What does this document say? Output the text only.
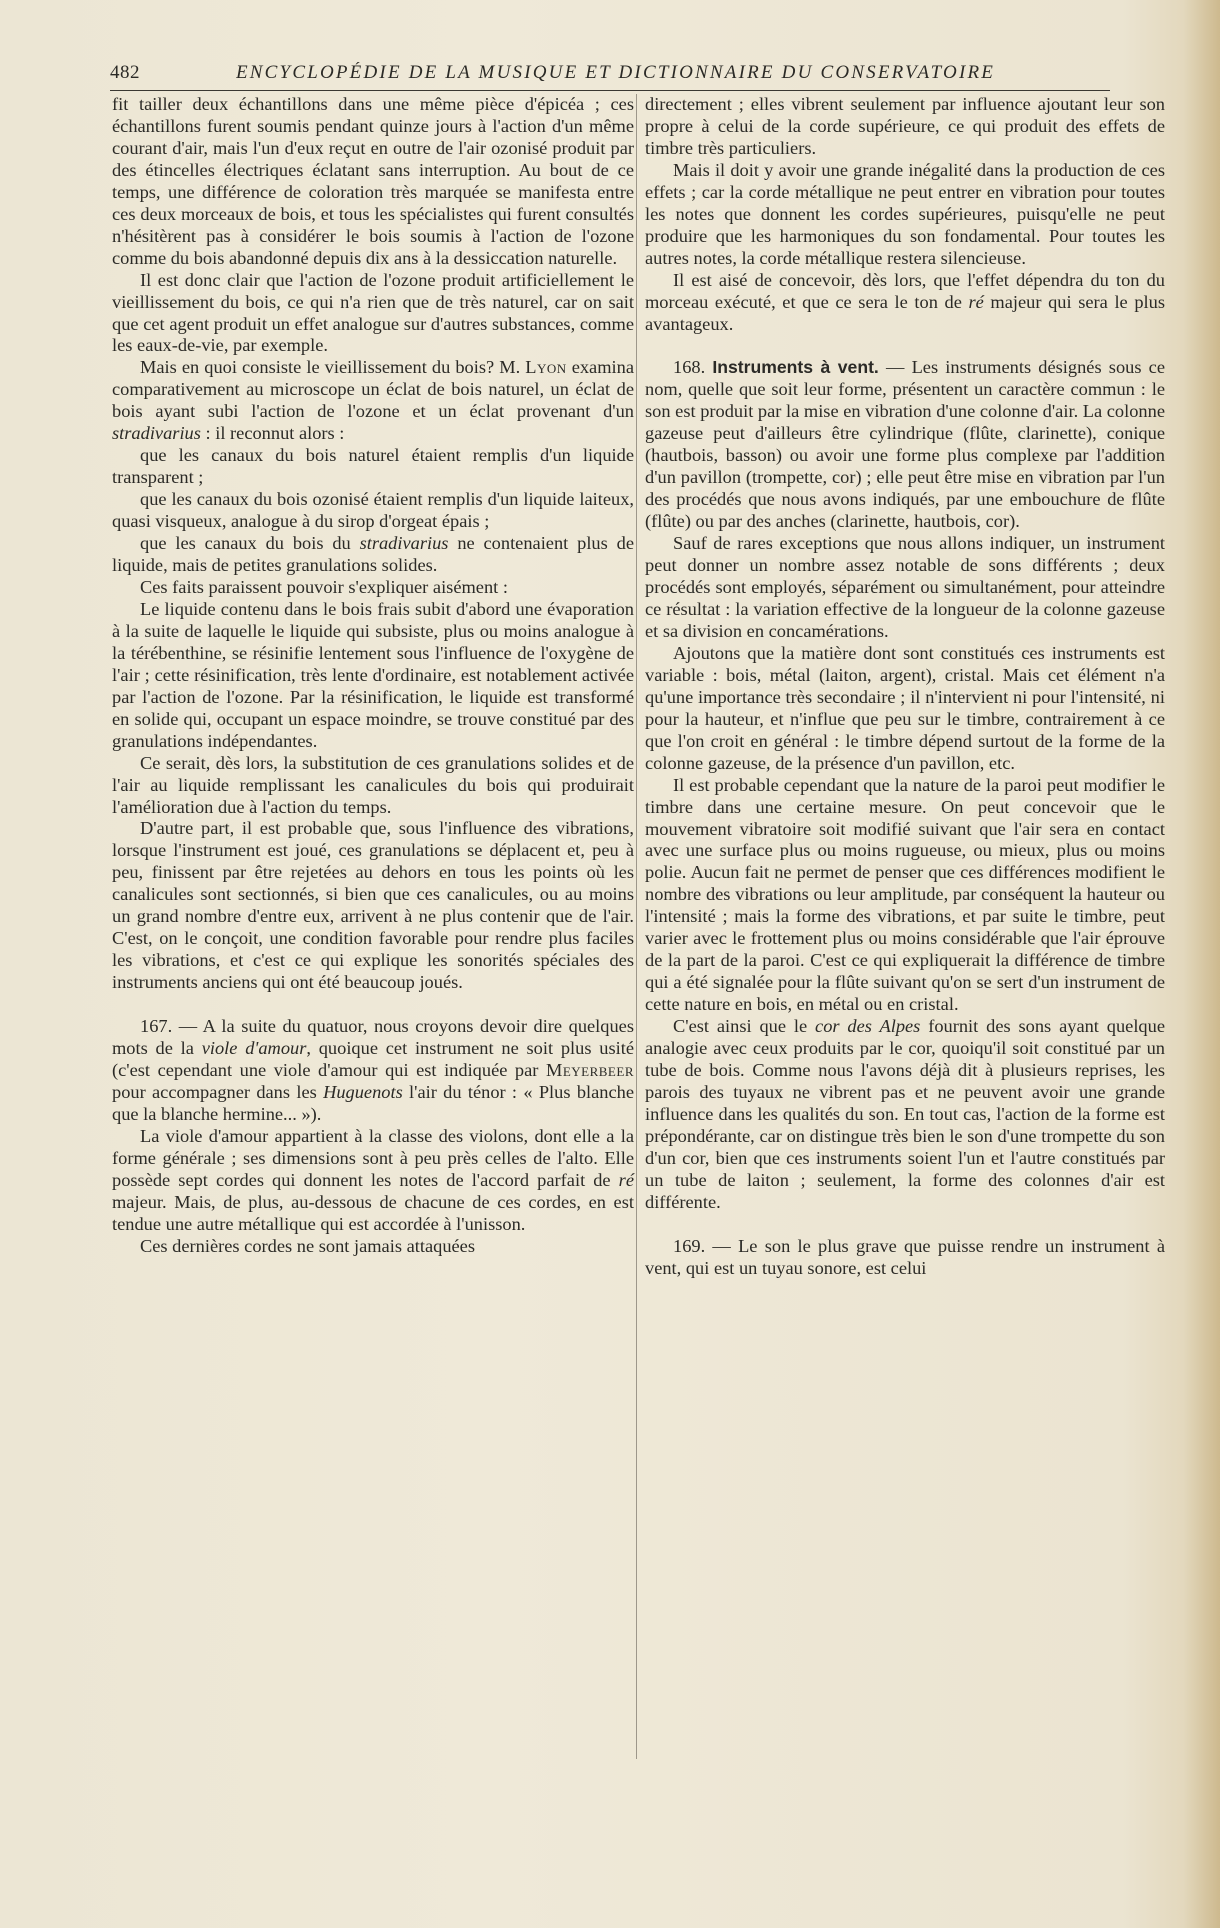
482	ENCYCLOPÉDIE DE LA MUSIQUE ET DICTIONNAIRE DU CONSERVATOIRE

fit tailler deux échantillons dans une même pièce d'épicéa ; ces échantillons furent soumis pendant quinze jours à l'action d'un même courant d'air, mais l'un d'eux reçut en outre de l'air ozonisé produit par des étincelles électriques éclatant sans interruption. Au bout de ce temps, une différence de coloration très marquée se manifesta entre ces deux morceaux de bois, et tous les spécialistes qui furent consultés n'hésitèrent pas à considérer le bois soumis à l'action de l'ozone comme du bois abandonné depuis dix ans à la dessiccation naturelle.

Il est donc clair que l'action de l'ozone produit artificiellement le vieillissement du bois, ce qui n'a rien que de très naturel, car on sait que cet agent produit un effet analogue sur d'autres substances, comme les eaux-de-vie, par exemple.

Mais en quoi consiste le vieillissement du bois? M. Lyon examina comparativement au microscope un éclat de bois naturel, un éclat de bois ayant subi l'action de l'ozone et un éclat provenant d'un stradivarius : il reconnut alors :

que les canaux du bois naturel étaient remplis d'un liquide transparent ;

que les canaux du bois ozonisé étaient remplis d'un liquide laiteux, quasi visqueux, analogue à du sirop d'orgeat épais ;

que les canaux du bois du stradivarius ne contenaient plus de liquide, mais de petites granulations solides.

Ces faits paraissent pouvoir s'expliquer aisément :

Le liquide contenu dans le bois frais subit d'abord une évaporation à la suite de laquelle le liquide qui subsiste, plus ou moins analogue à la térébenthine, se résinifie lentement sous l'influence de l'oxygène de l'air ; cette résinification, très lente d'ordinaire, est notablement activée par l'action de l'ozone. Par la résinification, le liquide est transformé en solide qui, occupant un espace moindre, se trouve constitué par des granulations indépendantes.

Ce serait, dès lors, la substitution de ces granulations solides et de l'air au liquide remplissant les canalicules du bois qui produirait l'amélioration due à l'action du temps.

D'autre part, il est probable que, sous l'influence des vibrations, lorsque l'instrument est joué, ces granulations se déplacent et, peu à peu, finissent par être rejetées au dehors en tous les points où les canalicules sont sectionnés, si bien que ces canalicules, ou au moins un grand nombre d'entre eux, arrivent à ne plus contenir que de l'air. C'est, on le conçoit, une condition favorable pour rendre plus faciles les vibrations, et c'est ce qui explique les sonorités spéciales des instruments anciens qui ont été beaucoup joués.

167. — A la suite du quatuor, nous croyons devoir dire quelques mots de la viole d'amour, quoique cet instrument ne soit plus usité (c'est cependant une viole d'amour qui est indiquée par Meyerbeer pour accompagner dans les Huguenots l'air du ténor : « Plus blanche que la blanche hermine... »).

La viole d'amour appartient à la classe des violons, dont elle a la forme générale ; ses dimensions sont à peu près celles de l'alto. Elle possède sept cordes qui donnent les notes de l'accord parfait de ré majeur. Mais, de plus, au-dessous de chacune de ces cordes, en est tendue une autre métallique qui est accordée à l'unisson.

Ces dernières cordes ne sont jamais attaquées

directement ; elles vibrent seulement par influence ajoutant leur son propre à celui de la corde supérieure, ce qui produit des effets de timbre très particuliers.

Mais il doit y avoir une grande inégalité dans la production de ces effets ; car la corde métallique ne peut entrer en vibration pour toutes les notes que donnent les cordes supérieures, puisqu'elle ne peut produire que les harmoniques du son fondamental. Pour toutes les autres notes, la corde métallique restera silencieuse.

Il est aisé de concevoir, dès lors, que l'effet dépendra du ton du morceau exécuté, et que ce sera le ton de ré majeur qui sera le plus avantageux.

168. Instruments à vent. — Les instruments désignés sous ce nom, quelle que soit leur forme, présentent un caractère commun : le son est produit par la mise en vibration d'une colonne d'air. La colonne gazeuse peut d'ailleurs être cylindrique (flûte, clarinette), conique (hautbois, basson) ou avoir une forme plus complexe par l'addition d'un pavillon (trompette, cor) ; elle peut être mise en vibration par l'un des procédés que nous avons indiqués, par une embouchure de flûte (flûte) ou par des anches (clarinette, hautbois, cor).

Sauf de rares exceptions que nous allons indiquer, un instrument peut donner un nombre assez notable de sons différents ; deux procédés sont employés, séparément ou simultanément, pour atteindre ce résultat : la variation effective de la longueur de la colonne gazeuse et sa division en concamérations.

Ajoutons que la matière dont sont constitués ces instruments est variable : bois, métal (laiton, argent), cristal. Mais cet élément n'a qu'une importance très secondaire ; il n'intervient ni pour l'intensité, ni pour la hauteur, et n'influe que peu sur le timbre, contrairement à ce que l'on croit en général : le timbre dépend surtout de la forme de la colonne gazeuse, de la présence d'un pavillon, etc.

Il est probable cependant que la nature de la paroi peut modifier le timbre dans une certaine mesure. On peut concevoir que le mouvement vibratoire soit modifié suivant que l'air sera en contact avec une surface plus ou moins rugueuse, ou mieux, plus ou moins polie. Aucun fait ne permet de penser que ces différences modifient le nombre des vibrations ou leur amplitude, par conséquent la hauteur ou l'intensité ; mais la forme des vibrations, et par suite le timbre, peut varier avec le frottement plus ou moins considérable que l'air éprouve de la part de la paroi. C'est ce qui expliquerait la différence de timbre qui a été signalée pour la flûte suivant qu'on se sert d'un instrument de cette nature en bois, en métal ou en cristal.

C'est ainsi que le cor des Alpes fournit des sons ayant quelque analogie avec ceux produits par le cor, quoiqu'il soit constitué par un tube de bois. Comme nous l'avons déjà dit à plusieurs reprises, les parois des tuyaux ne vibrent pas et ne peuvent avoir une grande influence dans les qualités du son. En tout cas, l'action de la forme est prépondérante, car on distingue très bien le son d'une trompette du son d'un cor, bien que ces instruments soient l'un et l'autre constitués par un tube de laiton ; seulement, la forme des colonnes d'air est différente.

169. — Le son le plus grave que puisse rendre un instrument à vent, qui est un tuyau sonore, est celui
